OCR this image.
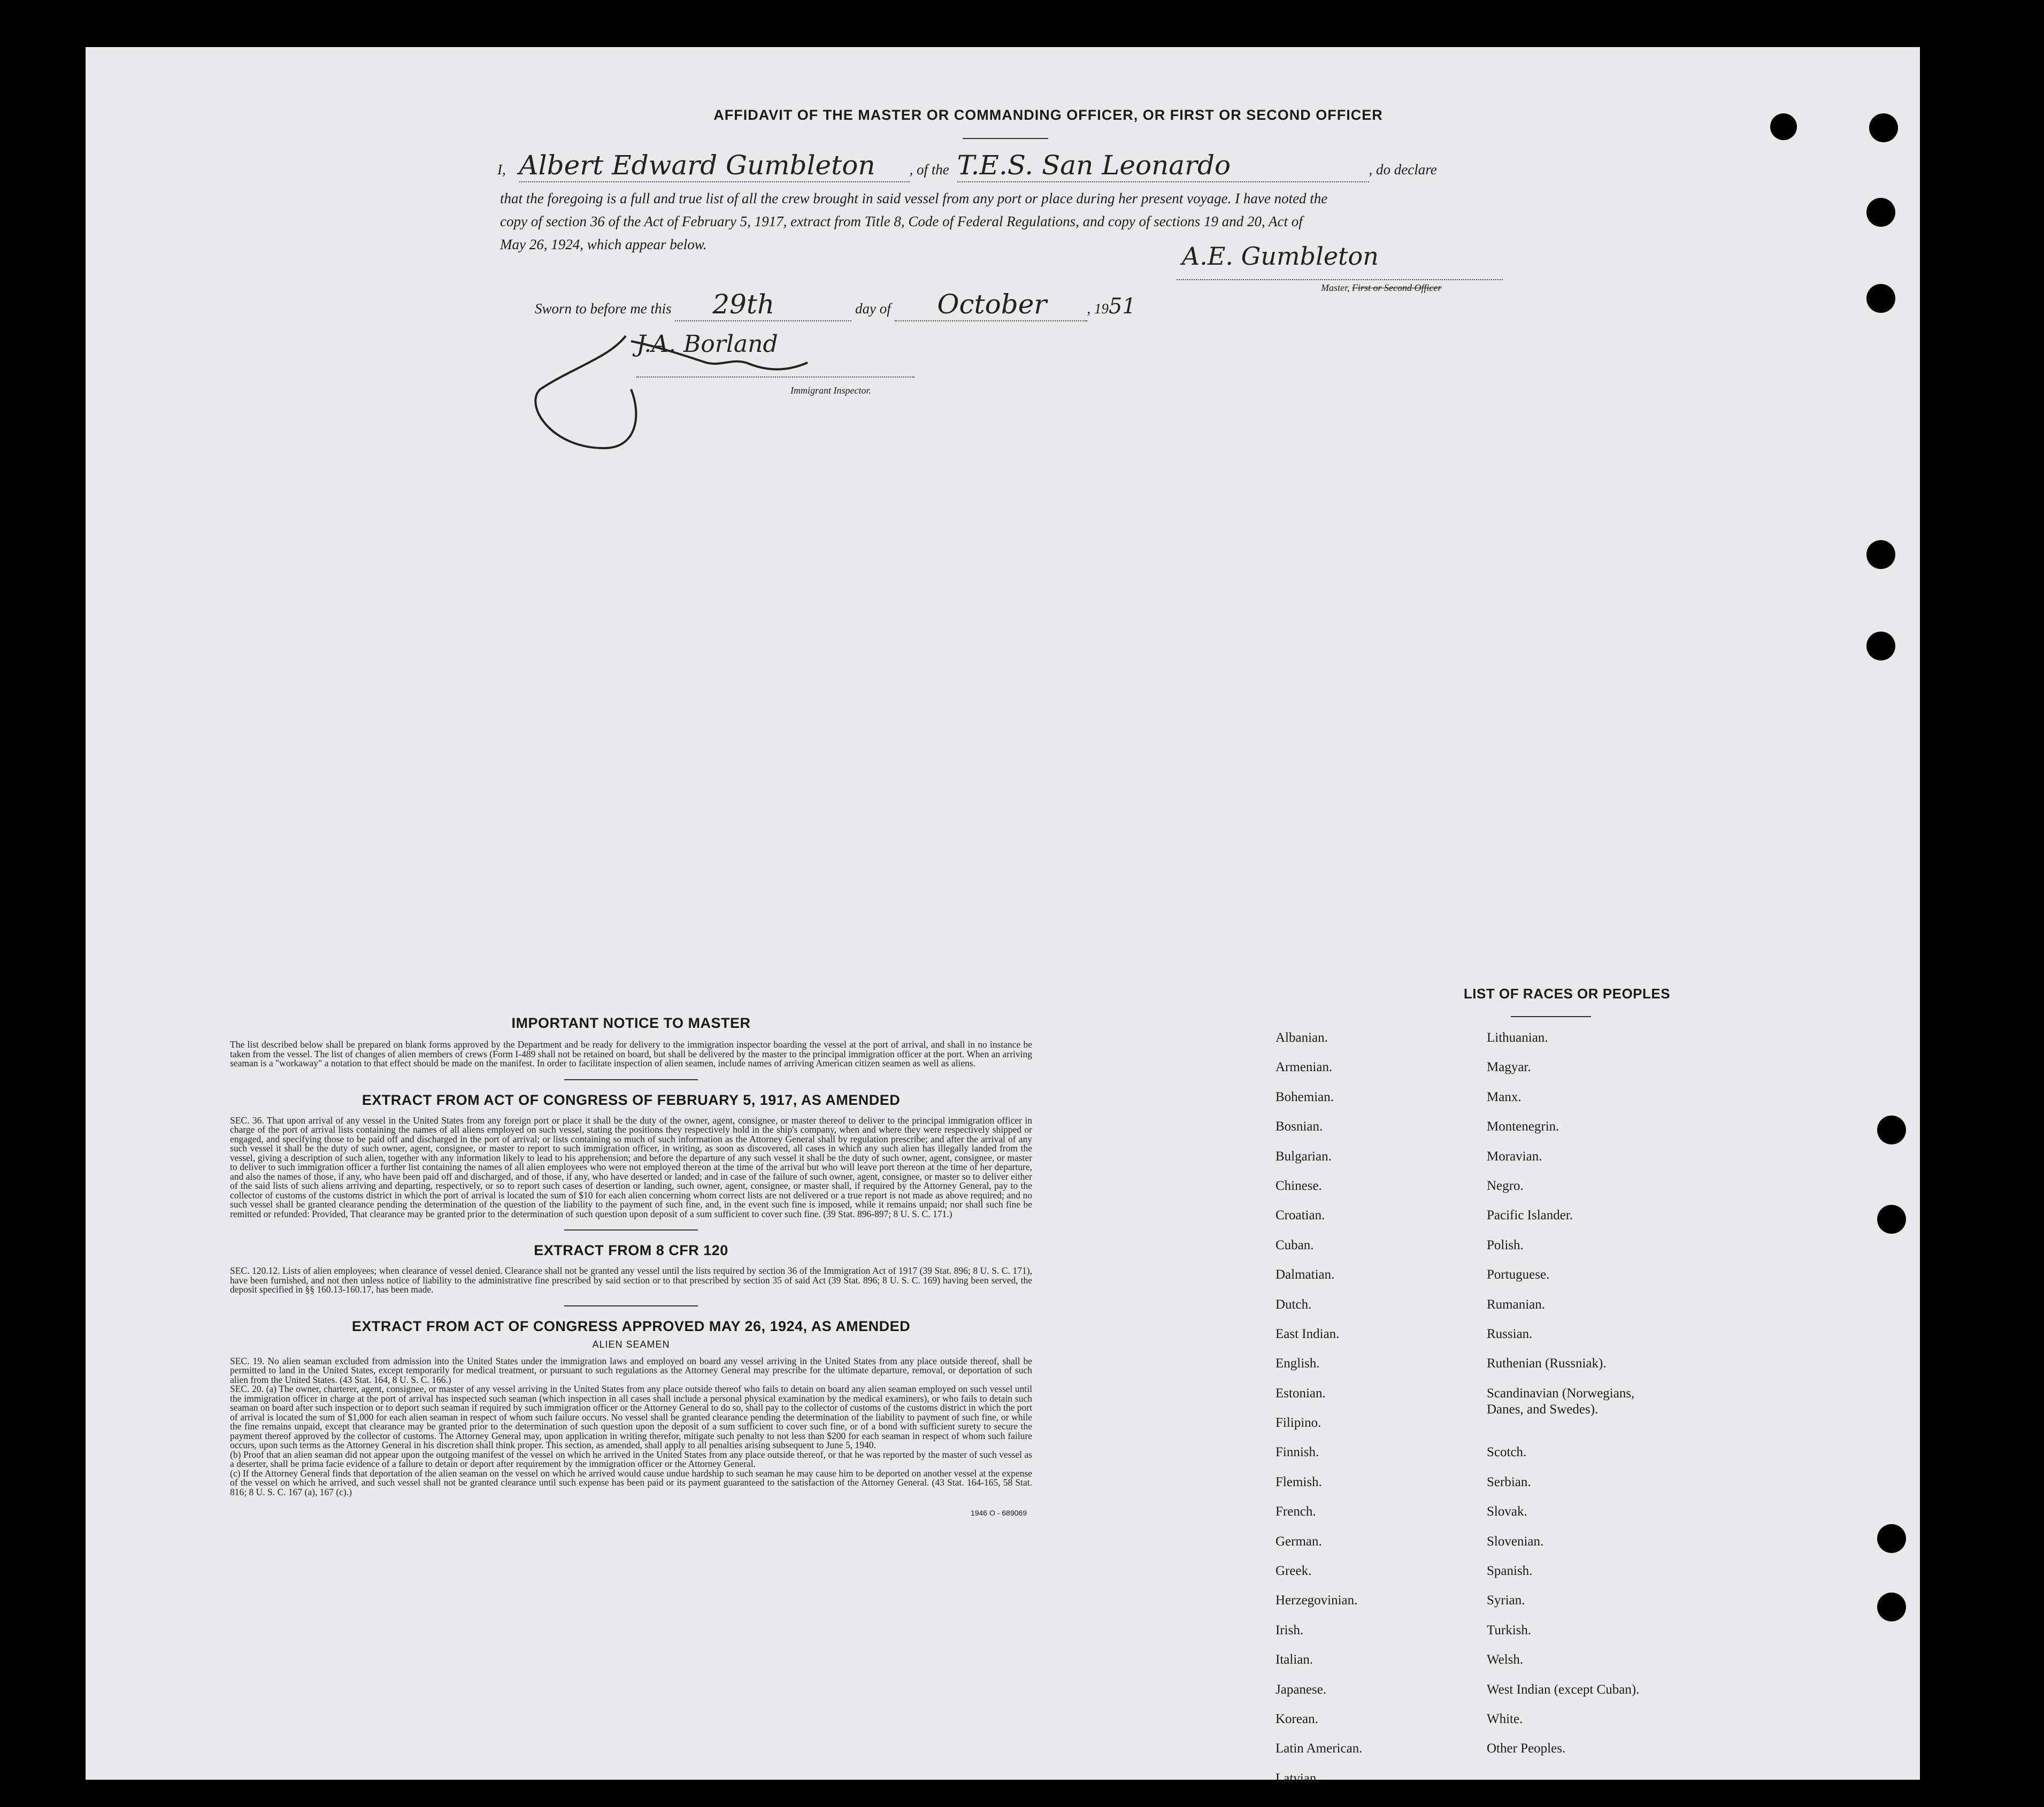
AFFIDAVIT OF THE MASTER OR COMMANDING OFFICER, OR FIRST OR SECOND OFFICER
I, Albert Edward Gumbleton , of the T.E.S. San Leonardo	, do declare
that the foregoing is a full and true list of all the crew brought in said vessel from any port or place during her present voyage. I have noted the
copy of section 36 of the Act of February 5, 1917, extract from Title 8, Code of Federal Regulations, and copy of sections 19 and 20, Act of
May 26, 1924, which appear below.	A.E. Gumbleton
Master, First or Second Officer
Sworn to before me this 29th	day of October	, 1951
J.A. Borland
Immigrant Inspector.

IMPORTANT NOTICE TO MASTER

The list described below shall be prepared on blank forms approved by the Department and be ready for delivery to the immigration inspector boarding the vessel at the port of arrival, and shall in no instance be taken from the vessel. The list of changes of alien members of crews (Form I-489 shall not be retained on board, but shall be delivered by the master to the principal immigration officer at the port. When an arriving seaman is a "workaway" a notation to that effect should be made on the manifest. In order to facilitate inspection of alien seamen, include names of arriving American citizen seamen as well as aliens.

EXTRACT FROM ACT OF CONGRESS OF FEBRUARY 5, 1917, AS AMENDED

SEC. 36. That upon arrival of any vessel in the United States from any foreign port or place it shall be the duty of the owner, agent, consignee, or master thereof to deliver to the principal immigration officer in charge of the port of arrival lists containing the names of all aliens employed on such vessel, stating the positions they respectively hold in the ship's company, when and where they were respectively shipped or engaged, and specifying those to be paid off and discharged in the port of arrival; or lists containing so much of such information as the Attorney General shall by regulation prescribe; and after the arrival of any such vessel it shall be the duty of such owner, agent, consignee, or master to report to such immigration officer, in writing, as soon as discovered, all cases in which any such alien has illegally landed from the vessel, giving a description of such alien, together with any information likely to lead to his apprehension; and before the departure of any such vessel it shall be the duty of such owner, agent, consignee, or master to deliver to such immigration officer a further list containing the names of all alien employees who were not employed thereon at the time of the arrival but who will leave port thereon at the time of her departure, and also the names of those, if any, who have been paid off and discharged, and of those, if any, who have deserted or landed; and in case of the failure of such owner, agent, consignee, or master so to deliver either of the said lists of such aliens arriving and departing, respectively, or so to report such cases of desertion or landing, such owner, agent, consignee, or master shall, if required by the Attorney General, pay to the collector of customs of the customs district in which the port of arrival is located the sum of $10 for each alien concerning whom correct lists are not delivered or a true report is not made as above required; and no such vessel shall be granted clearance pending the determination of the question of the liability to the payment of such fine, and, in the event such fine is imposed, while it remains unpaid; nor shall such fine be remitted or refunded: Provided, That clearance may be granted prior to the determination of such question upon deposit of a sum sufficient to cover such fine. (39 Stat. 896-897; 8 U. S. C. 171.)

EXTRACT FROM 8 CFR 120

SEC. 120.12. Lists of alien employees; when clearance of vessel denied. Clearance shall not be granted any vessel until the lists required by section 36 of the Immigration Act of 1917 (39 Stat. 896; 8 U. S. C. 171), have been furnished, and not then unless notice of liability to the administrative fine prescribed by said section or to that prescribed by section 35 of said Act (39 Stat. 896; 8 U. S. C. 169) having been served, the deposit specified in §§ 160.13-160.17, has been made.

EXTRACT FROM ACT OF CONGRESS APPROVED MAY 26, 1924, AS AMENDED

ALIEN SEAMEN

SEC. 19. No alien seaman excluded from admission into the United States under the immigration laws and employed on board any vessel arriving in the United States from any place outside thereof, shall be permitted to land in the United States, except temporarily for medical treatment, or pursuant to such regulations as the Attorney General may prescribe for the ultimate departure, removal, or deportation of such alien from the United States. (43 Stat. 164, 8 U. S. C. 166.)

SEC. 20. (a) The owner, charterer, agent, consignee, or master of any vessel arriving in the United States from any place outside thereof who fails to detain on board any alien seaman employed on such vessel until the immigration officer in charge at the port of arrival has inspected such seaman (which inspection in all cases shall include a personal physical examination by the medical examiners), or who fails to detain such seaman on board after such inspection or to deport such seaman if required by such immigration officer or the Attorney General to do so, shall pay to the collector of customs of the customs district in which the port of arrival is located the sum of $1,000 for each alien seaman in respect of whom such failure occurs. No vessel shall be granted clearance pending the determination of the liability to payment of such fine, or while the fine remains unpaid, except that clearance may be granted prior to the determination of such question upon the deposit of a sum sufficient to cover such fine, or of a bond with sufficient surety to secure the payment thereof approved by the collector of customs. The Attorney General may, upon application in writing therefor, mitigate such penalty to not less than $200 for each seaman in respect of whom such failure occurs, upon such terms as the Attorney General in his discretion shall think proper. This section, as amended, shall apply to all penalties arising subsequent to June 5, 1940.

(b) Proof that an alien seaman did not appear upon the outgoing manifest of the vessel on which he arrived in the United States from any place outside thereof, or that he was reported by the master of such vessel as a deserter, shall be prima facie evidence of a failure to detain or deport after requirement by the immigration officer or the Attorney General.

(c) If the Attorney General finds that deportation of the alien seaman on the vessel on which he arrived would cause undue hardship to such seaman he may cause him to be deported on another vessel at the expense of the vessel on which he arrived, and such vessel shall not be granted clearance until such expense has been paid or its payment guaranteed to the satisfaction of the Attorney General. (43 Stat. 164-165, 58 Stat. 816; 8 U. S. C. 167 (a), 167 (c).)

1946 O - 689069
LIST OF RACES OR PEOPLES
Albanian.
Armenian.
Bohemian.
Bosnian.
Bulgarian.
Chinese.
Croatian.
Cuban.
Dalmatian.
Dutch.
East Indian.
English.
Estonian.
Filipino.
Finnish.
Flemish.
French.
German.
Greek.
Herzegovinian.
Irish.
Italian.
Japanese.
Korean.
Latin American.
Latvian.
Lithuanian.
Magyar.
Manx.
Montenegrin.
Moravian.
Negro.
Pacific Islander.
Polish.
Portuguese.
Rumanian.
Russian.
Ruthenian (Russniak).
Scandinavian (Norwegians,
Danes, and Swedes).
Scotch.
Serbian.
Slovak.
Slovenian.
Spanish.
Syrian.
Turkish.
Welsh.
West Indian (except Cuban).
White.
Other Peoples.
